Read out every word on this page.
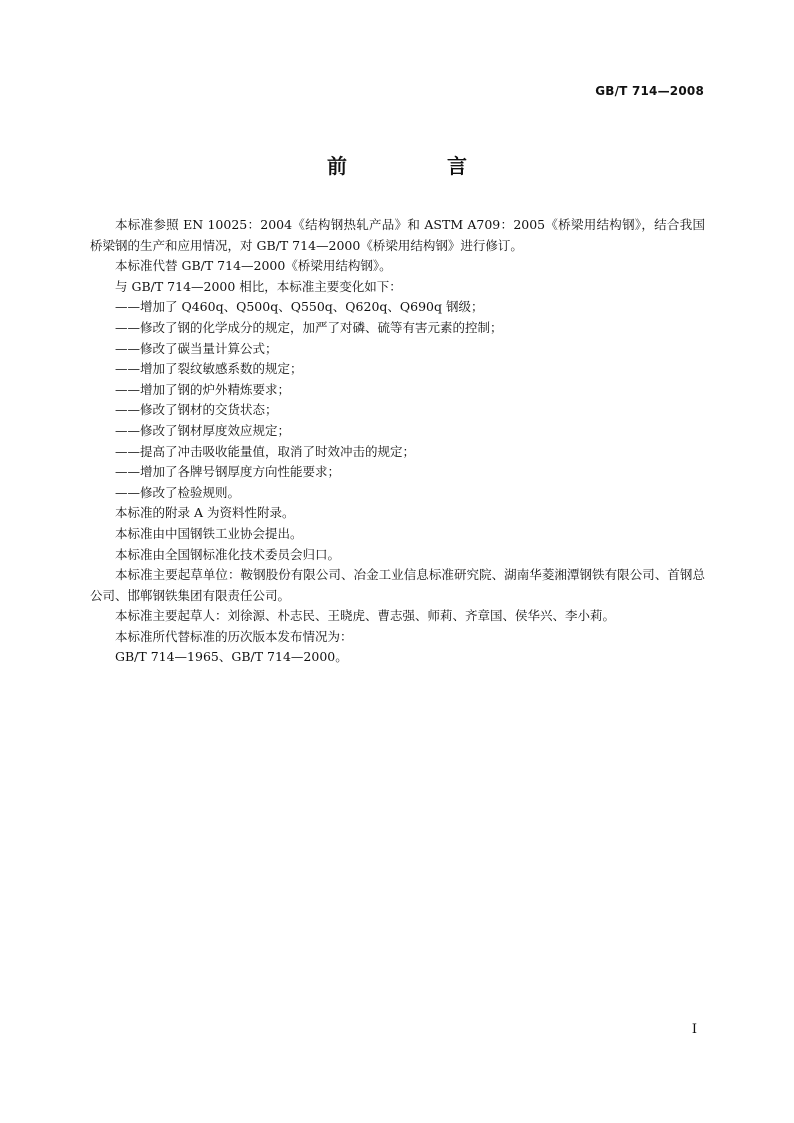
GB/T 714—2008
前　言

本标准参照 EN 10025：2004《结构钢热轧产品》和 ASTM A709：2005《桥梁用结构钢》，结合我国桥梁钢的生产和应用情况，对 GB/T 714—2000《桥梁用结构钢》进行修订。

本标准代替 GB/T 714—2000《桥梁用结构钢》。

与 GB/T 714—2000 相比，本标准主要变化如下：

——增加了 Q460q、Q500q、Q550q、Q620q、Q690q 钢级；

——修改了钢的化学成分的规定，加严了对磷、硫等有害元素的控制；

——修改了碳当量计算公式；

——增加了裂纹敏感系数的规定；

——增加了钢的炉外精炼要求；

——修改了钢材的交货状态；

——修改了钢材厚度效应规定；

——提高了冲击吸收能量值，取消了时效冲击的规定；

——增加了各牌号钢厚度方向性能要求；

——修改了检验规则。

本标准的附录 A 为资料性附录。

本标准由中国钢铁工业协会提出。

本标准由全国钢标准化技术委员会归口。

本标准主要起草单位：鞍钢股份有限公司、冶金工业信息标准研究院、湖南华菱湘潭钢铁有限公司、首钢总公司、邯郸钢铁集团有限责任公司。

本标准主要起草人：刘徐源、朴志民、王晓虎、曹志强、师莉、齐章国、侯华兴、李小莉。

本标准所代替标准的历次版本发布情况为：

GB/T 714—1965、GB/T 714—2000。

I
